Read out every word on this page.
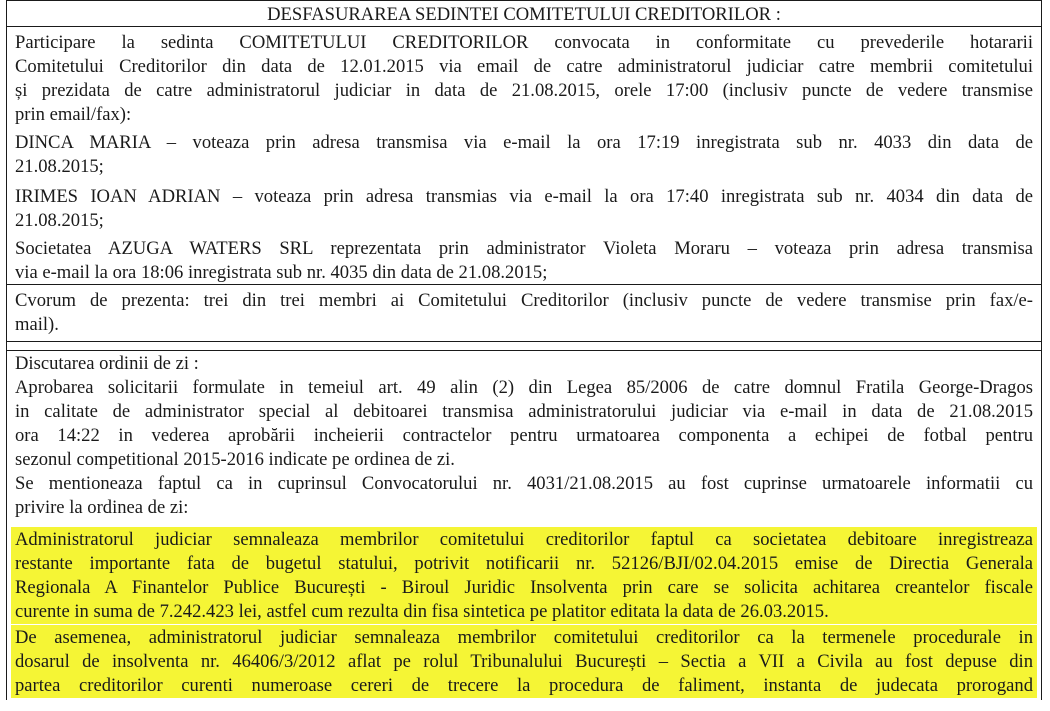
DESFASURAREA SEDINTEI COMITETULUI CREDITORILOR :
Participare la sedinta COMITETULUI CREDITORILOR convocata in conformitate cu prevederile hotararii
Comitetului Creditorilor din data de 12.01.2015 via email de catre administratorul judiciar catre membrii comitetului
și prezidata de catre administratorul judiciar in data de 21.08.2015, orele 17:00 (inclusiv puncte de vedere transmise
prin email/fax):
DINCA MARIA – voteaza prin adresa transmisa via e-mail la ora 17:19 inregistrata sub nr. 4033 din data de
21.08.2015;
IRIMES IOAN ADRIAN – voteaza prin adresa transmias via e-mail la ora 17:40 inregistrata sub nr. 4034 din data de
21.08.2015;
Societatea AZUGA WATERS SRL reprezentata prin administrator Violeta Moraru – voteaza prin adresa transmisa
via e-mail la ora 18:06 inregistrata sub nr. 4035 din data de 21.08.2015;
Cvorum de prezenta: trei din trei membri ai Comitetului Creditorilor (inclusiv puncte de vedere transmise prin fax/e-
mail).
Discutarea ordinii de zi :
Aprobarea solicitarii formulate in temeiul art. 49 alin (2) din Legea 85/2006 de catre domnul Fratila George-Dragos
in calitate de administrator special al debitoarei transmisa administratorului judiciar via e-mail in data de 21.08.2015
ora 14:22 in vederea aprobării incheierii contractelor pentru urmatoarea componenta a echipei de fotbal pentru
sezonul competitional 2015-2016 indicate pe ordinea de zi.
Se mentioneaza faptul ca in cuprinsul Convocatorului nr. 4031/21.08.2015 au fost cuprinse urmatoarele informatii cu
privire la ordinea de zi:
Administratorul judiciar semnaleaza membrilor comitetului creditorilor faptul ca societatea debitoare inregistreaza
restante importante fata de bugetul statului, potrivit notificarii nr. 52126/BJI/02.04.2015 emise de Directia Generala
Regionala A Finantelor Publice București - Biroul Juridic Insolventa prin care se solicita achitarea creantelor fiscale
curente in suma de 7.242.423 lei, astfel cum rezulta din fisa sintetica pe platitor editata la data de 26.03.2015.
De asemenea, administratorul judiciar semnaleaza membrilor comitetului creditorilor ca la termenele procedurale in
dosarul de insolventa nr. 46406/3/2012 aflat pe rolul Tribunalului București – Sectia a VII a Civila au fost depuse din
partea creditorilor curenti numeroase cereri de trecere la procedura de faliment, instanta de judecata prorogand
